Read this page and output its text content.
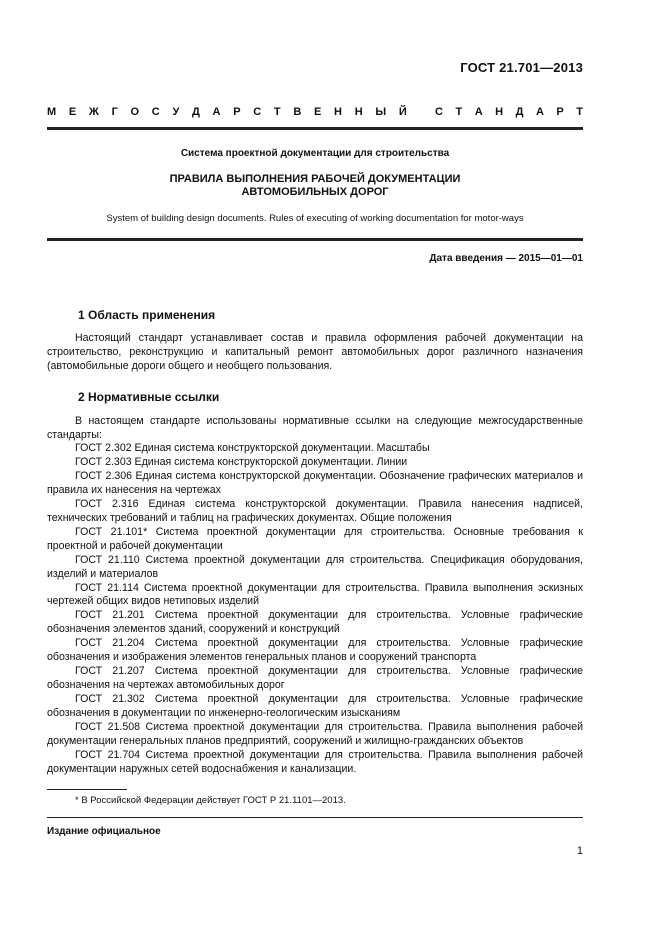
ГОСТ 21.701—2013
М Е Ж Г О С У Д А Р С Т В Е Н Н Ы Й	С Т А Н Д А Р Т
Система проектной документации для строительства
ПРАВИЛА ВЫПОЛНЕНИЯ РАБОЧЕЙ ДОКУМЕНТАЦИИ
АВТОМОБИЛЬНЫХ ДОРОГ
System of building design documents. Rules of executing of working documentation for motor-ways
Дата введения — 2015—01—01
1 Область применения

Настоящий стандарт устанавливает состав и правила оформления рабочей документации на строительство, реконструкцию и капитальный ремонт автомобильных дорог различного назначения (автомобильные дороги общего и необщего пользования.

2 Нормативные ссылки

В настоящем стандарте использованы нормативные ссылки на следующие межгосударственные стандарты:

ГОСТ 2.302 Единая система конструкторской документации. Масштабы
ГОСТ 2.303 Единая система конструкторской документации. Линии
ГОСТ 2.306 Единая система конструкторской документации. Обозначение графических материалов и правила их нанесения на чертежах
ГОСТ 2.316 Единая система конструкторской документации. Правила нанесения надписей, технических требований и таблиц на графических документах. Общие положения
ГОСТ 21.101* Система проектной документации для строительства. Основные требования к проектной и рабочей документации
ГОСТ 21.110 Система проектной документации для строительства. Спецификация оборудования, изделий и материалов
ГОСТ 21.114 Система проектной документации для строительства. Правила выполнения эскизных чертежей общих видов нетиповых изделий
ГОСТ 21.201 Система проектной документации для строительства. Условные графические обозначения элементов зданий, сооружений и конструкций
ГОСТ 21.204 Система проектной документации для строительства. Условные графические обозначения и изображения элементов генеральных планов и сооружений транспорта
ГОСТ 21.207 Система проектной документации для строительства. Условные графические обозначения на чертежах автомобильных дорог
ГОСТ 21.302 Система проектной документации для строительства. Условные графические обозначения в документации по инженерно-геологическим изысканиям
ГОСТ 21.508 Система проектной документации для строительства. Правила выполнения рабочей документации генеральных планов предприятий, сооружений и жилищно-гражданских объектов
ГОСТ 21.704 Система проектной документации для строительства. Правила выполнения рабочей документации наружных сетей водоснабжения и канализации.
* В Российской Федерации действует ГОСТ Р 21.1101—2013.
Издание официальное
1
